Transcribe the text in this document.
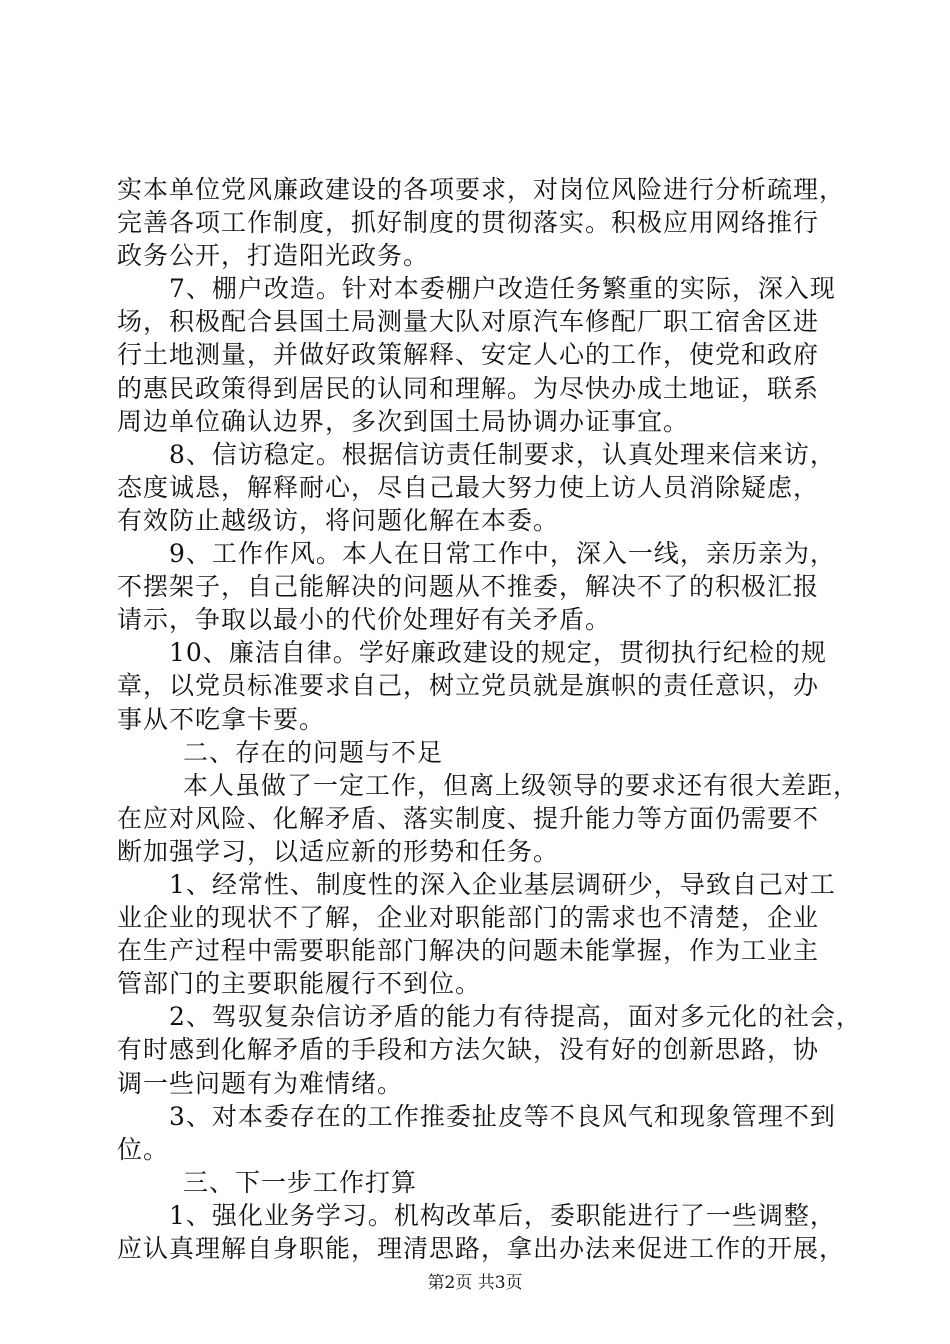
实本单位党风廉政建设的各项要求，对岗位风险进行分析疏理，
完善各项工作制度，抓好制度的贯彻落实。积极应用网络推行
政务公开，打造阳光政务。
7、棚户改造。针对本委棚户改造任务繁重的实际，深入现
场，积极配合县国土局测量大队对原汽车修配厂职工宿舍区进
行土地测量，并做好政策解释、安定人心的工作，使党和政府
的惠民政策得到居民的认同和理解。为尽快办成土地证，联系
周边单位确认边界，多次到国土局协调办证事宜。
8、信访稳定。根据信访责任制要求，认真处理来信来访，
态度诚恳，解释耐心，尽自己最大努力使上访人员消除疑虑，
有效防止越级访，将问题化解在本委。
9、工作作风。本人在日常工作中，深入一线，亲历亲为，
不摆架子，自己能解决的问题从不推委，解决不了的积极汇报
请示，争取以最小的代价处理好有关矛盾。
10、廉洁自律。学好廉政建设的规定，贯彻执行纪检的规
章，以党员标准要求自己，树立党员就是旗帜的责任意识，办
事从不吃拿卡要。
二、存在的问题与不足
本人虽做了一定工作，但离上级领导的要求还有很大差距，
在应对风险、化解矛盾、落实制度、提升能力等方面仍需要不
断加强学习，以适应新的形势和任务。
1、经常性、制度性的深入企业基层调研少，导致自己对工
业企业的现状不了解，企业对职能部门的需求也不清楚，企业
在生产过程中需要职能部门解决的问题未能掌握，作为工业主
管部门的主要职能履行不到位。
2、驾驭复杂信访矛盾的能力有待提高，面对多元化的社会，
有时感到化解矛盾的手段和方法欠缺，没有好的创新思路，协
调一些问题有为难情绪。
3、对本委存在的工作推委扯皮等不良风气和现象管理不到
位。
三、下一步工作打算
1、强化业务学习。机构改革后，委职能进行了一些调整，
应认真理解自身职能，理清思路，拿出办法来促进工作的开展，
第2页 共3页
